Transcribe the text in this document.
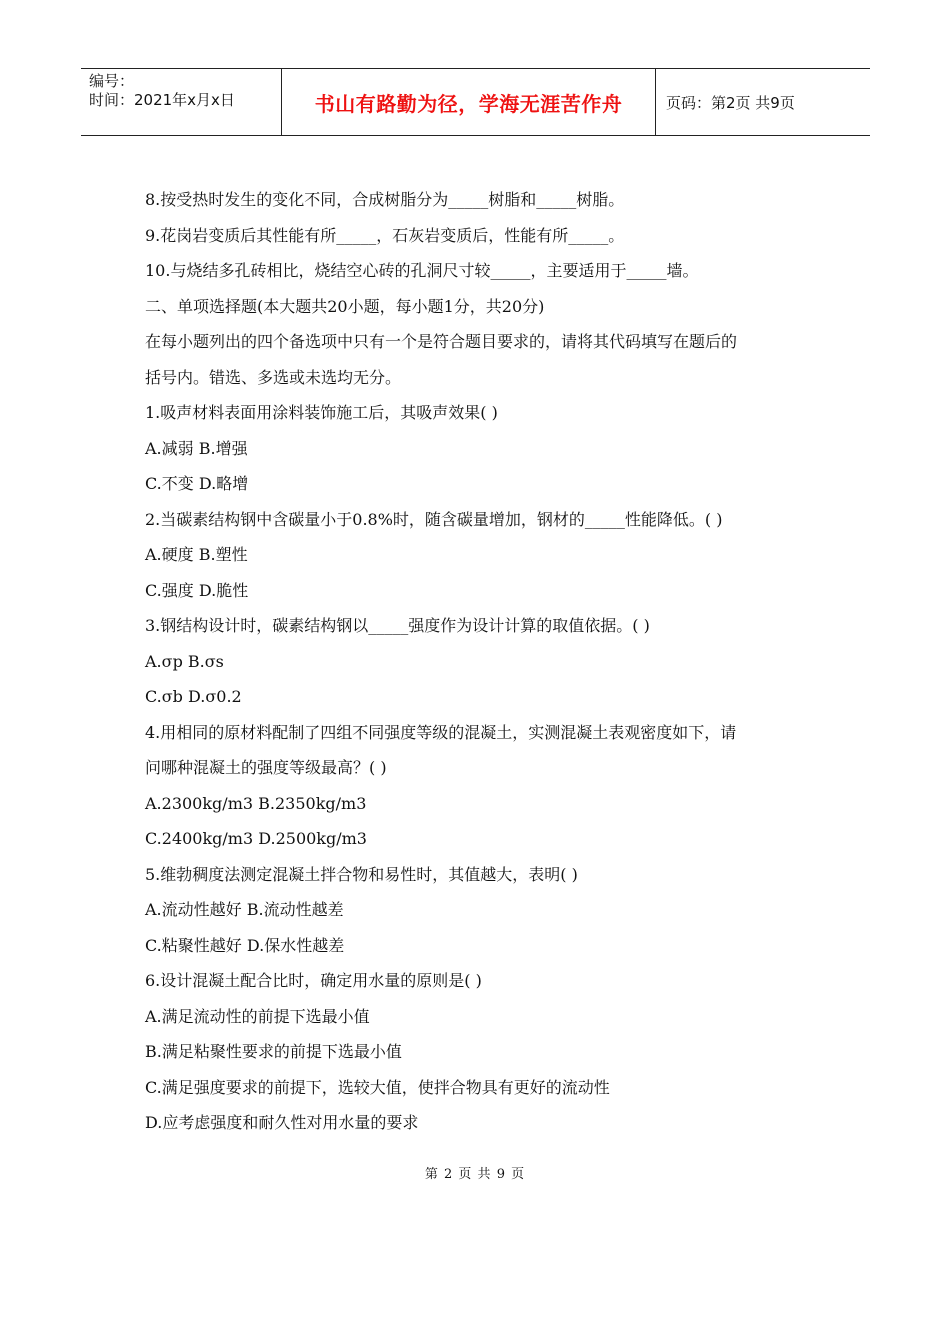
编号：
时间：2021年x月x日	书山有路勤为径，学海无涯苦作舟	页码：第2页 共9页

8.按受热时发生的变化不同，合成树脂分为_____树脂和_____树脂。

9.花岗岩变质后其性能有所_____，石灰岩变质后，性能有所_____。

10.与烧结多孔砖相比，烧结空心砖的孔洞尺寸较_____，主要适用于_____墙。

二、单项选择题(本大题共20小题，每小题1分，共20分)

在每小题列出的四个备选项中只有一个是符合题目要求的，请将其代码填写在题后的

括号内。错选、多选或未选均无分。

1.吸声材料表面用涂料装饰施工后，其吸声效果( )

A.减弱 B.增强

C.不变 D.略增

2.当碳素结构钢中含碳量小于0.8%时，随含碳量增加，钢材的_____性能降低。( )

A.硬度 B.塑性

C.强度 D.脆性

3.钢结构设计时，碳素结构钢以_____强度作为设计计算的取值依据。( )

A.σp B.σs

C.σb D.σ0.2

4.用相同的原材料配制了四组不同强度等级的混凝土，实测混凝土表观密度如下，请

问哪种混凝土的强度等级最高？( )

A.2300kg/m3 B.2350kg/m3

C.2400kg/m3 D.2500kg/m3

5.维勃稠度法测定混凝土拌合物和易性时，其值越大，表明( )

A.流动性越好 B.流动性越差

C.粘聚性越好 D.保水性越差

6.设计混凝土配合比时，确定用水量的原则是( )

A.满足流动性的前提下选最小值

B.满足粘聚性要求的前提下选最小值

C.满足强度要求的前提下，选较大值，使拌合物具有更好的流动性

D.应考虑强度和耐久性对用水量的要求

第 2 页 共 9 页
